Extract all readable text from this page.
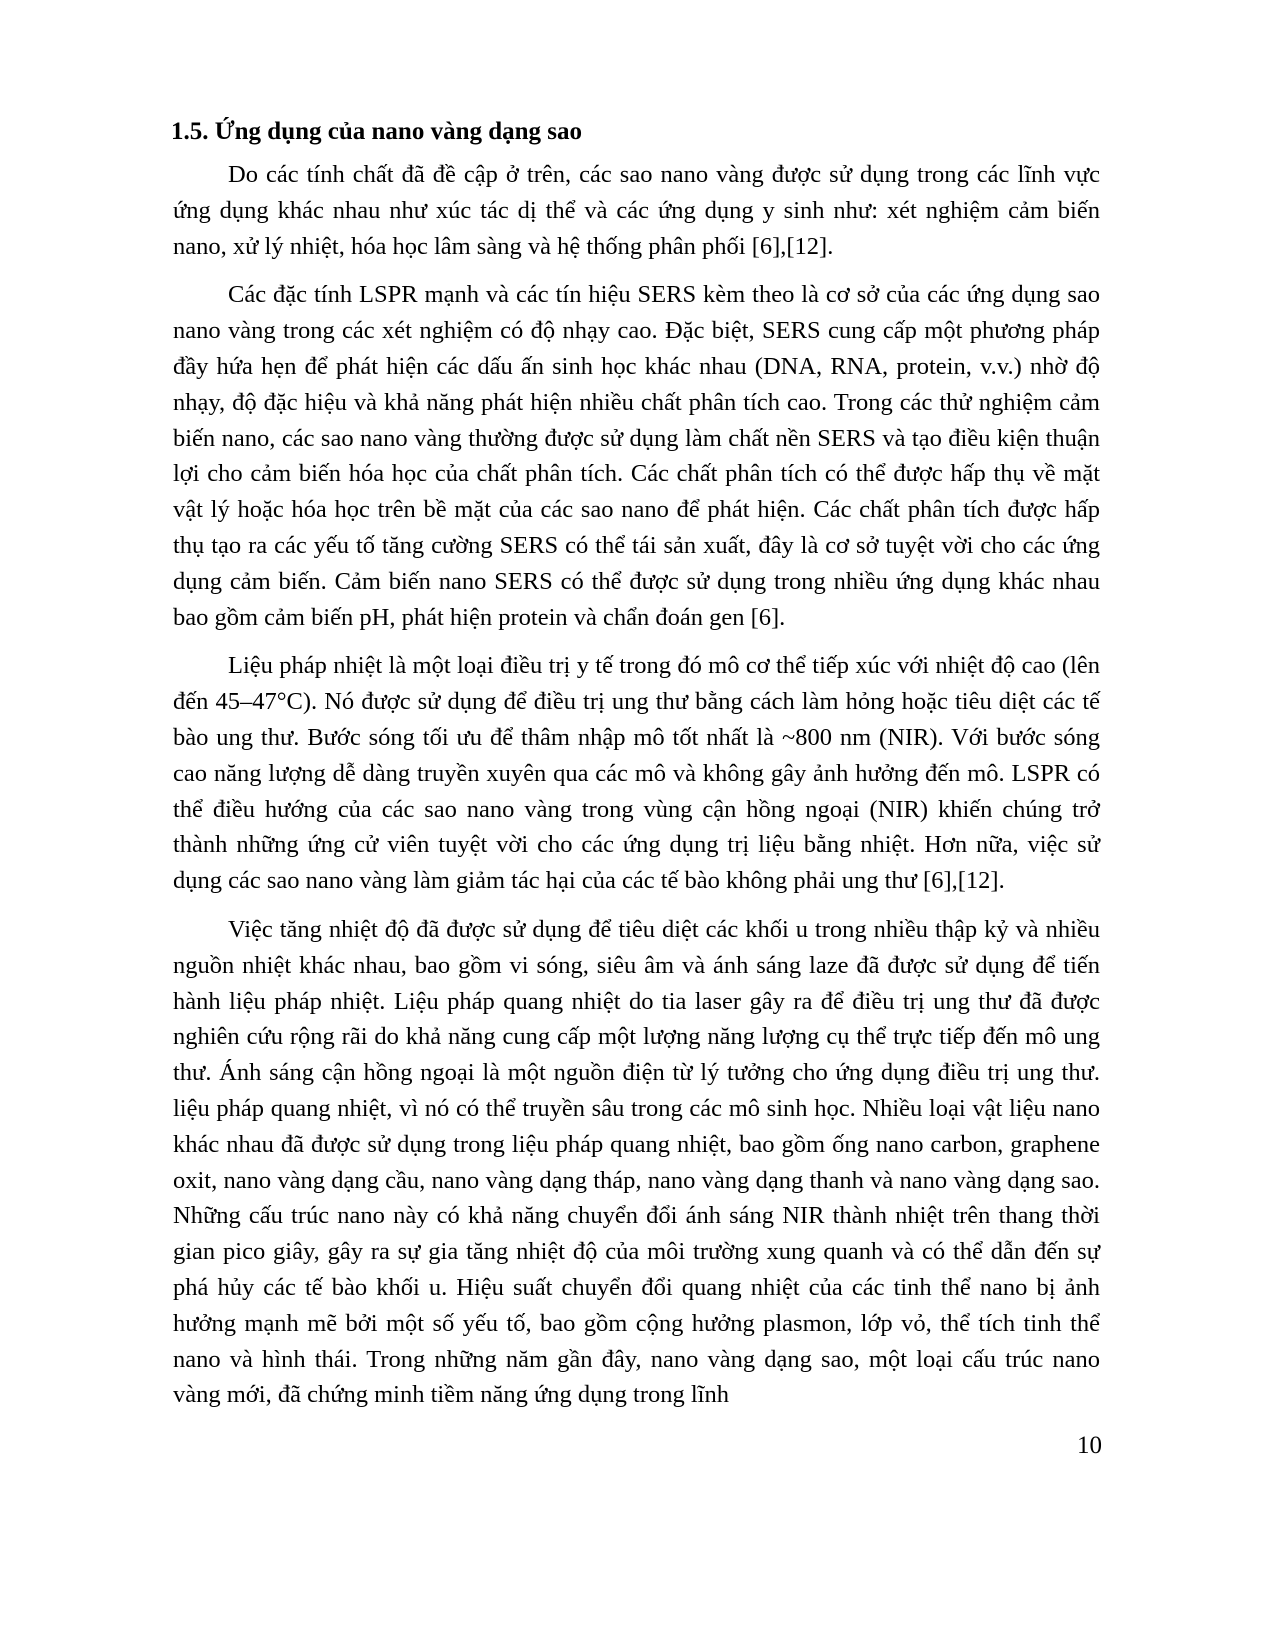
1.5. Ứng dụng của nano vàng dạng sao

Do các tính chất đã đề cập ở trên, các sao nano vàng được sử dụng trong các lĩnh vực ứng dụng khác nhau như xúc tác dị thể và các ứng dụng y sinh như: xét nghiệm cảm biến nano, xử lý nhiệt, hóa học lâm sàng và hệ thống phân phối [6],[12].

Các đặc tính LSPR mạnh và các tín hiệu SERS kèm theo là cơ sở của các ứng dụng sao nano vàng trong các xét nghiệm có độ nhạy cao. Đặc biệt, SERS cung cấp một phương pháp đầy hứa hẹn để phát hiện các dấu ấn sinh học khác nhau (DNA, RNA, protein, v.v.) nhờ độ nhạy, độ đặc hiệu và khả năng phát hiện nhiều chất phân tích cao. Trong các thử nghiệm cảm biến nano, các sao nano vàng thường được sử dụng làm chất nền SERS và tạo điều kiện thuận lợi cho cảm biến hóa học của chất phân tích. Các chất phân tích có thể được hấp thụ về mặt vật lý hoặc hóa học trên bề mặt của các sao nano để phát hiện. Các chất phân tích được hấp thụ tạo ra các yếu tố tăng cường SERS có thể tái sản xuất, đây là cơ sở tuyệt vời cho các ứng dụng cảm biến. Cảm biến nano SERS có thể được sử dụng trong nhiều ứng dụng khác nhau bao gồm cảm biến pH, phát hiện protein và chẩn đoán gen [6].

Liệu pháp nhiệt là một loại điều trị y tế trong đó mô cơ thể tiếp xúc với nhiệt độ cao (lên đến 45–47°C). Nó được sử dụng để điều trị ung thư bằng cách làm hỏng hoặc tiêu diệt các tế bào ung thư. Bước sóng tối ưu để thâm nhập mô tốt nhất là ~800 nm (NIR). Với bước sóng cao năng lượng dễ dàng truyền xuyên qua các mô và không gây ảnh hưởng đến mô. LSPR có thể điều hướng của các sao nano vàng trong vùng cận hồng ngoại (NIR) khiến chúng trở thành những ứng cử viên tuyệt vời cho các ứng dụng trị liệu bằng nhiệt. Hơn nữa, việc sử dụng các sao nano vàng làm giảm tác hại của các tế bào không phải ung thư [6],[12].

Việc tăng nhiệt độ đã được sử dụng để tiêu diệt các khối u trong nhiều thập kỷ và nhiều nguồn nhiệt khác nhau, bao gồm vi sóng, siêu âm và ánh sáng laze đã được sử dụng để tiến hành liệu pháp nhiệt. Liệu pháp quang nhiệt do tia laser gây ra để điều trị ung thư đã được nghiên cứu rộng rãi do khả năng cung cấp một lượng năng lượng cụ thể trực tiếp đến mô ung thư. Ánh sáng cận hồng ngoại là một nguồn điện từ lý tưởng cho ứng dụng điều trị ung thư. liệu pháp quang nhiệt, vì nó có thể truyền sâu trong các mô sinh học. Nhiều loại vật liệu nano khác nhau đã được sử dụng trong liệu pháp quang nhiệt, bao gồm ống nano carbon, graphene oxit, nano vàng dạng cầu, nano vàng dạng tháp, nano vàng dạng thanh và nano vàng dạng sao. Những cấu trúc nano này có khả năng chuyển đổi ánh sáng NIR thành nhiệt trên thang thời gian pico giây, gây ra sự gia tăng nhiệt độ của môi trường xung quanh và có thể dẫn đến sự phá hủy các tế bào khối u. Hiệu suất chuyển đổi quang nhiệt của các tinh thể nano bị ảnh hưởng mạnh mẽ bởi một số yếu tố, bao gồm cộng hưởng plasmon, lớp vỏ, thể tích tinh thể nano và hình thái. Trong những năm gần đây, nano vàng dạng sao, một loại cấu trúc nano vàng mới, đã chứng minh tiềm năng ứng dụng trong lĩnh

10
